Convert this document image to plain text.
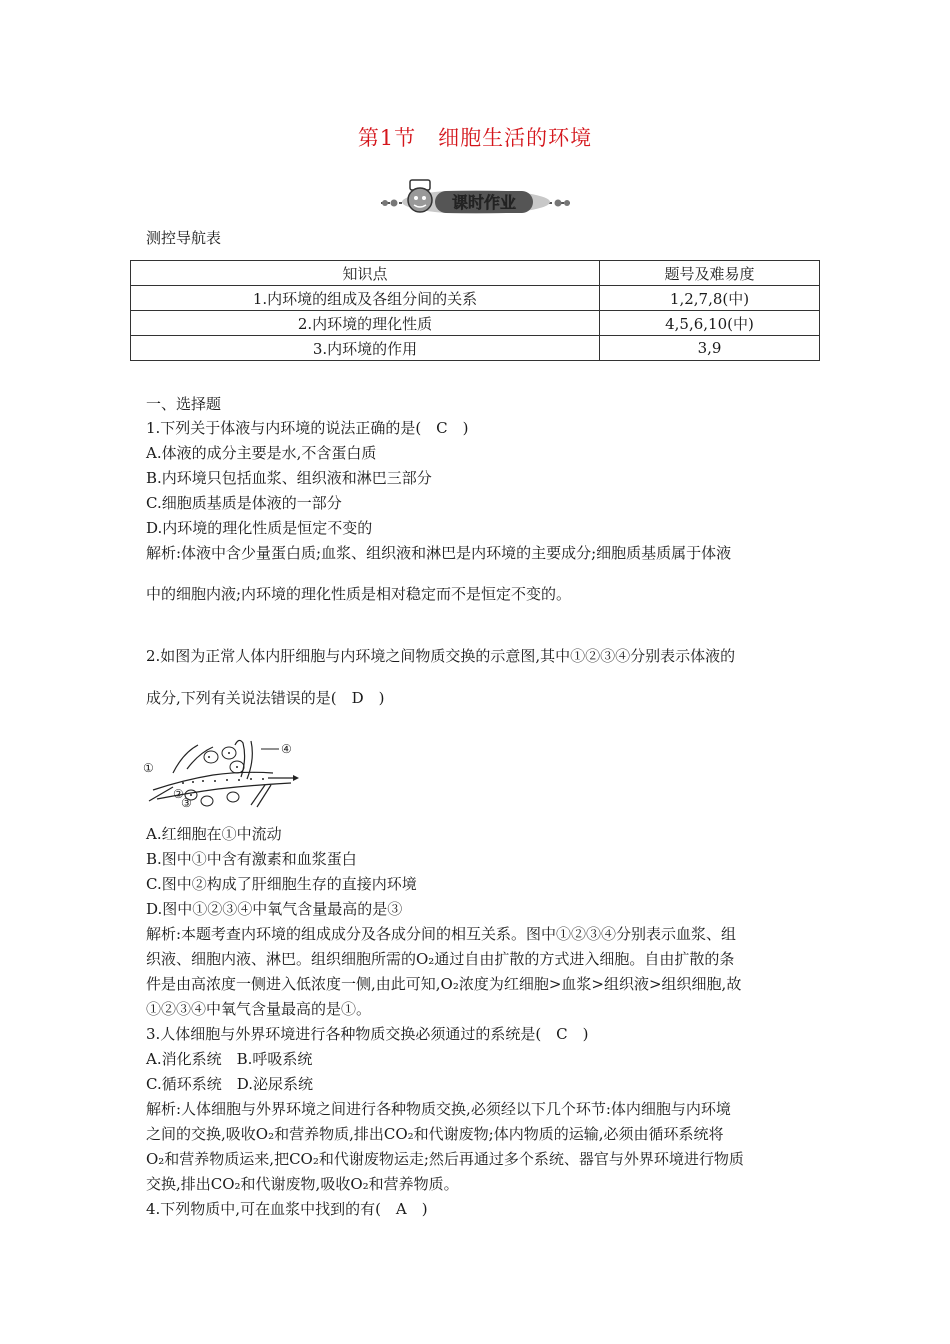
第1节　细胞生活的环境
课时作业
测控导航表
知识点	题号及难易度
1.内环境的组成及各组分间的关系	1,2,7,8(中)
2.内环境的理化性质	4,5,6,10(中)
3.内环境的作用	3,9
一、选择题
1.下列关于体液与内环境的说法正确的是(　C　)
A.体液的成分主要是水,不含蛋白质
B.内环境只包括血浆、组织液和淋巴三部分
C.细胞质基质是体液的一部分
D.内环境的理化性质是恒定不变的
解析:体液中含少量蛋白质;血浆、组织液和淋巴是内环境的主要成分;细胞质基质属于体液
中的细胞内液;内环境的理化性质是相对稳定而不是恒定不变的。
2.如图为正常人体内肝细胞与内环境之间物质交换的示意图,其中①②③④分别表示体液的
成分,下列有关说法错误的是(　D　)
①
②
③
④
A.红细胞在①中流动
B.图中①中含有激素和血浆蛋白
C.图中②构成了肝细胞生存的直接内环境
D.图中①②③④中氧气含量最高的是③
解析:本题考查内环境的组成成分及各成分间的相互关系。图中①②③④分别表示血浆、组
织液、细胞内液、淋巴。组织细胞所需的O₂通过自由扩散的方式进入细胞。自由扩散的条
件是由高浓度一侧进入低浓度一侧,由此可知,O₂浓度为红细胞>血浆>组织液>组织细胞,故
①②③④中氧气含量最高的是①。
3.人体细胞与外界环境进行各种物质交换必须通过的系统是(　C　)
A.消化系统　B.呼吸系统
C.循环系统　D.泌尿系统
解析:人体细胞与外界环境之间进行各种物质交换,必须经以下几个环节:体内细胞与内环境
之间的交换,吸收O₂和营养物质,排出CO₂和代谢废物;体内物质的运输,必须由循环系统将
O₂和营养物质运来,把CO₂和代谢废物运走;然后再通过多个系统、器官与外界环境进行物质
交换,排出CO₂和代谢废物,吸收O₂和营养物质。
4.下列物质中,可在血浆中找到的有(　A　)
